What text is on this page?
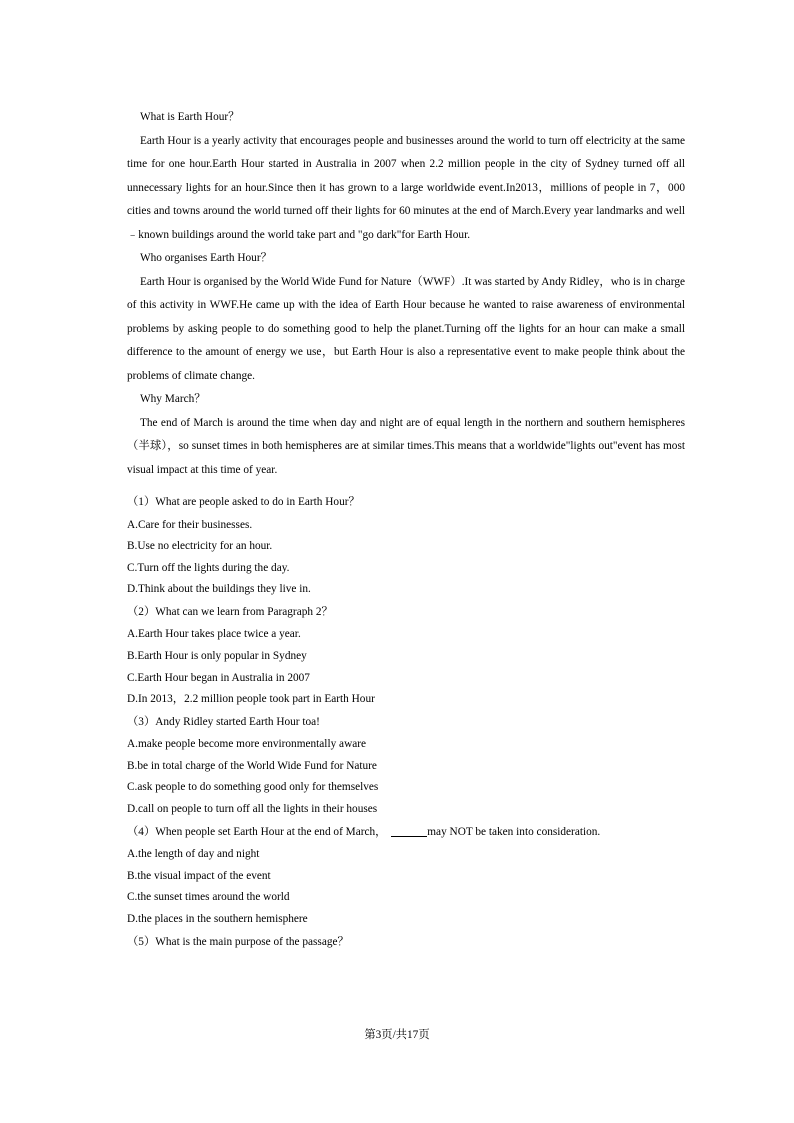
What is Earth Hour？

Earth Hour is a yearly activity that encourages people and businesses around the world to turn off electricity at the same time for one hour.Earth Hour started in Australia in 2007 when 2.2 million people in the city of Sydney turned off all unnecessary lights for an hour.Since then it has grown to a large worldwide event.In2013，millions of people in 7，000 cities and towns around the world turned off their lights for 60 minutes at the end of March.Every year landmarks and well﹣known buildings around the world take part and "go dark"for Earth Hour.

Who organises Earth Hour？

Earth Hour is organised by the World Wide Fund for Nature（WWF）.It was started by Andy Ridley，who is in charge of this activity in WWF.He came up with the idea of Earth Hour because he wanted to raise awareness of environmental problems by asking people to do something good to help the planet.Turning off the lights for an hour can make a small difference to the amount of energy we use，but Earth Hour is also a representative event to make people think about the problems of climate change.

Why March？

The end of March is around the time when day and night are of equal length in the northern and southern hemispheres （半球），so sunset times in both hemispheres are at similar times.This means that a worldwide"lights out"event has most visual impact at this time of year.

（1）What are people asked to do in Earth Hour？

A.Care for their businesses.

B.Use no electricity for an hour.

C.Turn off the lights during the day.

D.Think about the buildings they live in.

（2）What can we learn from Paragraph 2？

A.Earth Hour takes place twice a year.

B.Earth Hour is only popular in Sydney

C.Earth Hour began in Australia in 2007

D.In 2013，2.2 million people took part in Earth Hour

（3）Andy Ridley started Earth Hour toa!

A.make people become more environmentally aware

B.be in total charge of the World Wide Fund for Nature

C.ask people to do something good only for themselves

D.call on people to turn off all the lights in their houses

（4）When people set Earth Hour at the end of March，	may NOT be taken into consideration.

A.the length of day and night

B.the visual impact of the event

C.the sunset times around the world

D.the places in the southern hemisphere

（5）What is the main purpose of the passage？

第3页/共17页
